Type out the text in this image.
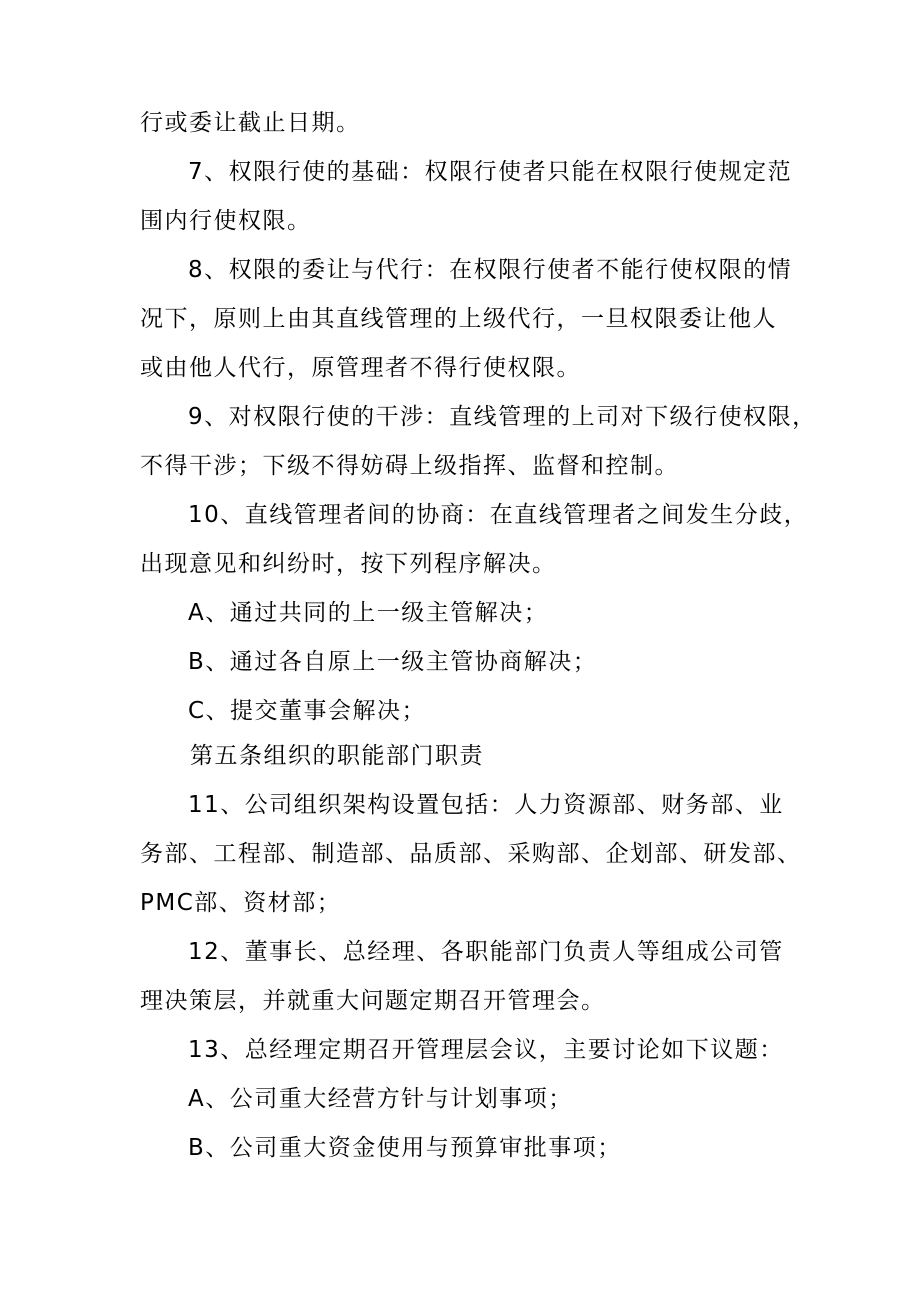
行或委让截止日期。
7、权限行使的基础：权限行使者只能在权限行使规定范
围内行使权限。
8、权限的委让与代行：在权限行使者不能行使权限的情
况下，原则上由其直线管理的上级代行，一旦权限委让他人
或由他人代行，原管理者不得行使权限。
9、对权限行使的干涉：直线管理的上司对下级行使权限，
不得干涉；下级不得妨碍上级指挥、监督和控制。
10、直线管理者间的协商：在直线管理者之间发生分歧，
出现意见和纠纷时，按下列程序解决。
A、通过共同的上一级主管解决；
B、通过各自原上一级主管协商解决；
C、提交董事会解决；
第五条组织的职能部门职责
11、公司组织架构设置包括：人力资源部、财务部、业
务部、工程部、制造部、品质部、采购部、企划部、研发部、
PMC部、资材部；
12、董事长、总经理、各职能部门负责人等组成公司管
理决策层，并就重大问题定期召开管理会。
13、总经理定期召开管理层会议，主要讨论如下议题：
A、公司重大经营方针与计划事项；
B、公司重大资金使用与预算审批事项；
